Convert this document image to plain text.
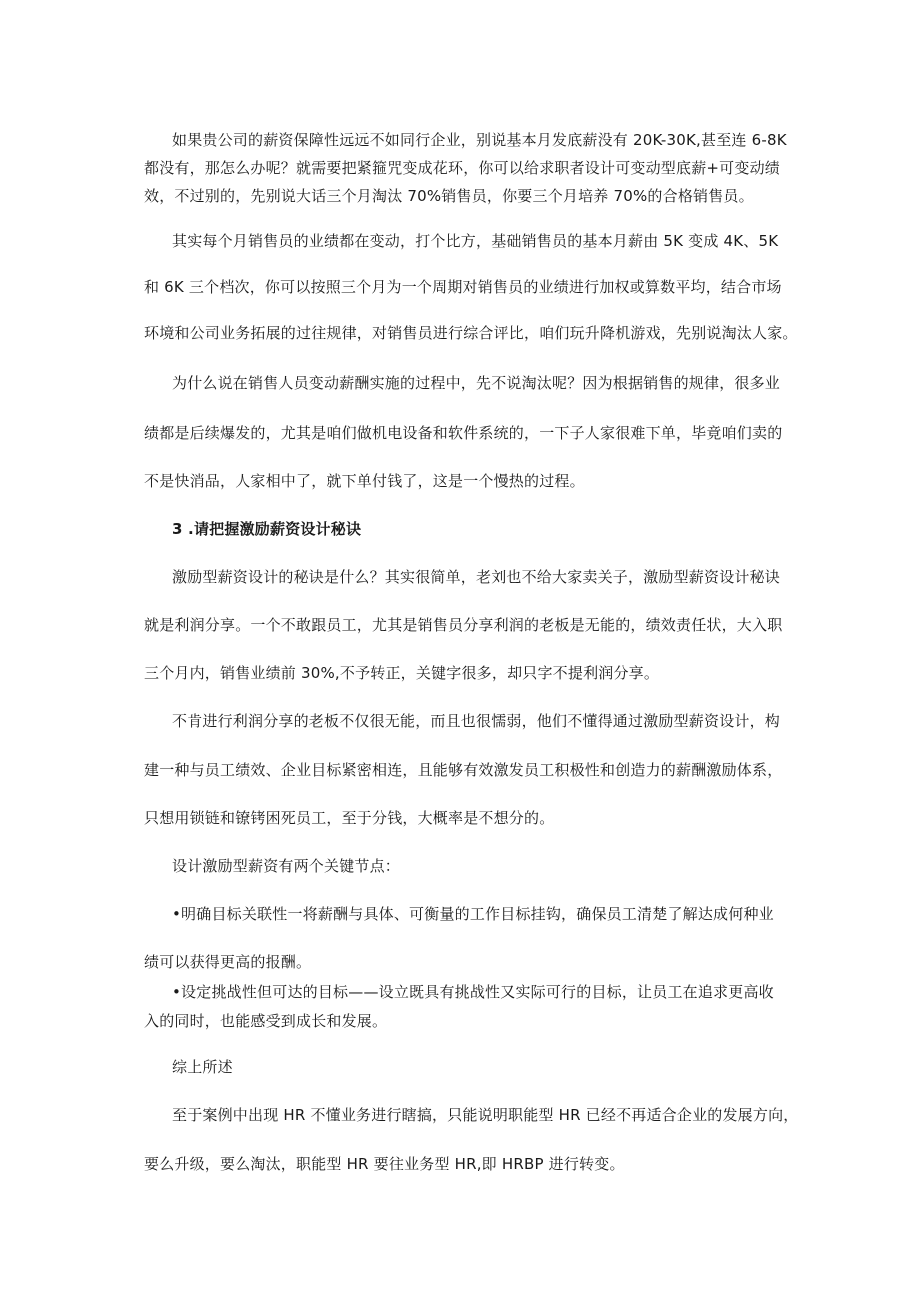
如果贵公司的薪资保障性远远不如同行企业，别说基本月发底薪没有 20K-30K,甚至连 6-8K
都没有，那怎么办呢？就需要把紧箍咒变成花环，你可以给求职者设计可变动型底薪+可变动绩
效，不过别的，先别说大话三个月淘汰 70%销售员，你要三个月培养 70%的合格销售员。
其实每个月销售员的业绩都在变动，打个比方，基础销售员的基本月薪由 5K 变成 4K、5K
和 6K 三个档次，你可以按照三个月为一个周期对销售员的业绩进行加权或算数平均，结合市场
环境和公司业务拓展的过往规律，对销售员进行综合评比，咱们玩升降机游戏，先别说淘汰人家。
为什么说在销售人员变动薪酬实施的过程中，先不说淘汰呢？因为根据销售的规律，很多业
绩都是后续爆发的，尤其是咱们做机电设备和软件系统的，一下子人家很难下单，毕竟咱们卖的
不是快消品，人家相中了，就下单付钱了，这是一个慢热的过程。
3 .请把握激励薪资设计秘诀
激励型薪资设计的秘诀是什么？其实很简单，老刘也不给大家卖关子，激励型薪资设计秘诀
就是利润分享。一个不敢跟员工，尤其是销售员分享利润的老板是无能的，绩效责任状，大入职
三个月内，销售业绩前 30%,不予转正，关键字很多，却只字不提利润分享。
不肯进行利润分享的老板不仅很无能，而且也很懦弱，他们不懂得通过激励型薪资设计，构
建一种与员工绩效、企业目标紧密相连，且能够有效激发员工积极性和创造力的薪酬激励体系，
只想用锁链和镣铐困死员工，至于分钱，大概率是不想分的。
设计激励型薪资有两个关键节点：
•明确目标关联性一将薪酬与具体、可衡量的工作目标挂钩，确保员工清楚了解达成何种业
绩可以获得更高的报酬。
•设定挑战性但可达的目标——设立既具有挑战性又实际可行的目标，让员工在追求更高收
入的同时，也能感受到成长和发展。
综上所述
至于案例中出现 HR 不懂业务进行瞎搞，只能说明职能型 HR 已经不再适合企业的发展方向，
要么升级，要么淘汰，职能型 HR 要往业务型 HR,即 HRBP 进行转变。
